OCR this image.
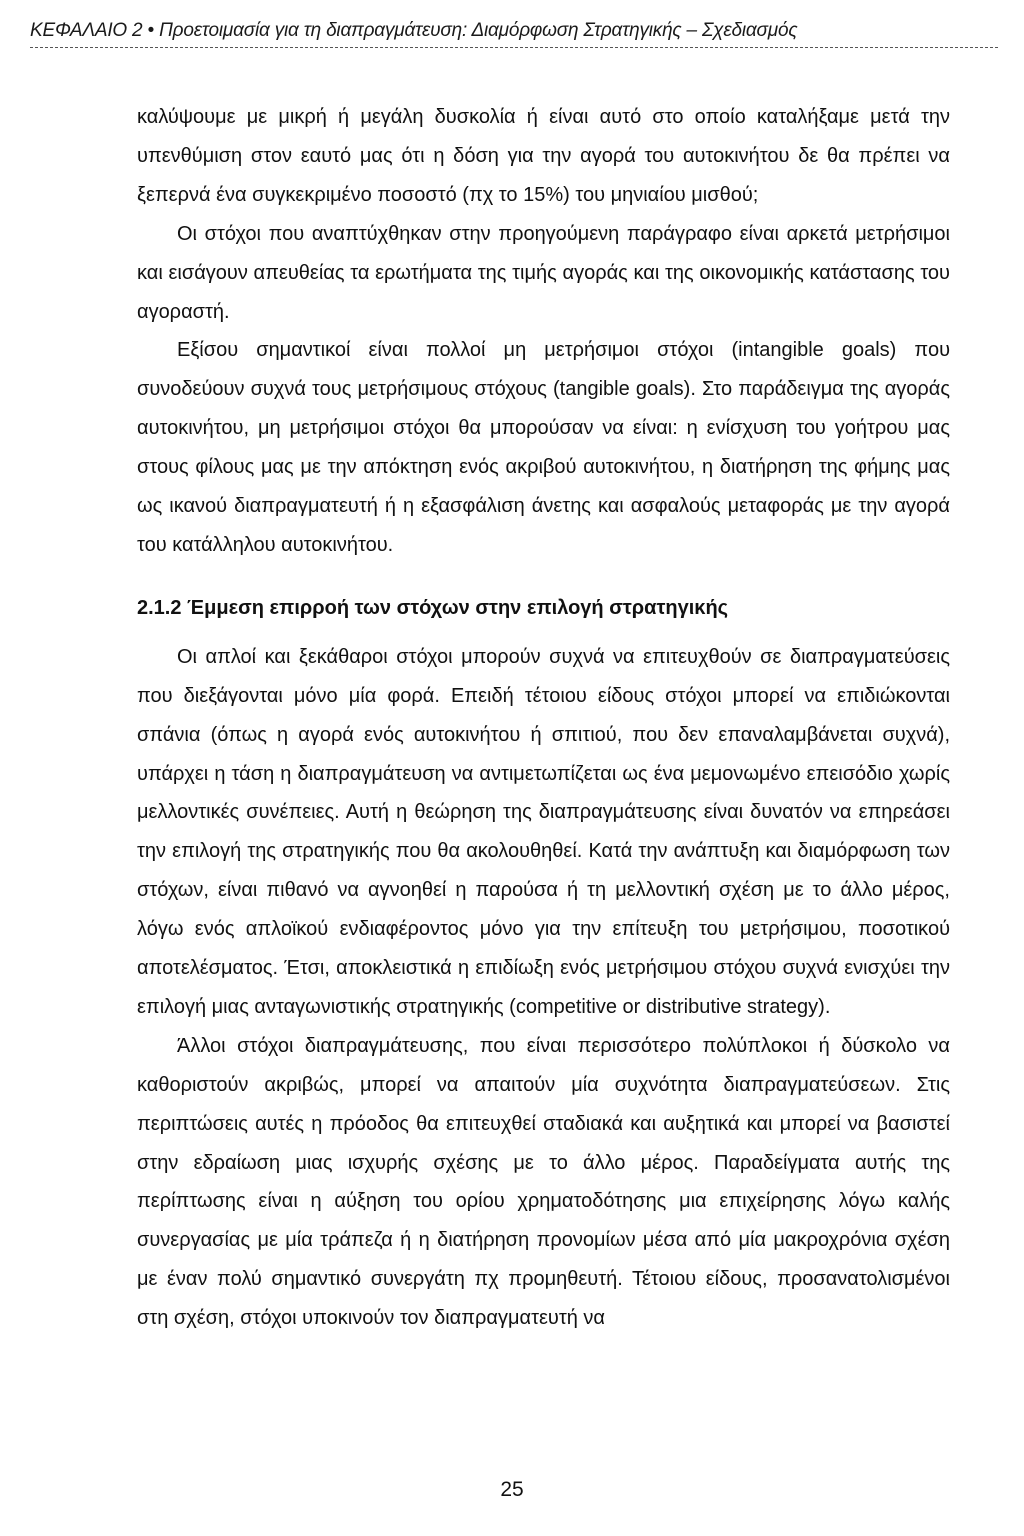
ΚΕΦΑΛΑΙΟ 2 • Προετοιμασία για τη διαπραγμάτευση: Διαμόρφωση Στρατηγικής – Σχεδιασμός

καλύψουμε με μικρή ή μεγάλη δυσκολία ή είναι αυτό στο οποίο καταλήξαμε μετά την υπενθύμιση στον εαυτό μας ότι η δόση για την αγορά του αυτοκινήτου δε θα πρέπει να ξεπερνά ένα συγκεκριμένο ποσοστό (πχ το 15%) του μηνιαίου μισθού;

Οι στόχοι που αναπτύχθηκαν στην προηγούμενη παράγραφο είναι αρκετά μετρήσιμοι και εισάγουν απευθείας τα ερωτήματα της τιμής αγοράς και της οικονομικής κατάστασης του αγοραστή.

Εξίσου σημαντικοί είναι πολλοί μη μετρήσιμοι στόχοι (intangible goals) που συνοδεύουν συχνά τους μετρήσιμους στόχους (tangible goals). Στο παράδειγμα της αγοράς αυτοκινήτου, μη μετρήσιμοι στόχοι θα μπορούσαν να είναι: η ενίσχυση του γοήτρου μας στους φίλους μας με την απόκτηση ενός ακριβού αυτοκινήτου, η διατήρηση της φήμης μας ως ικανού διαπραγματευτή ή η εξασφάλιση άνετης και ασφαλούς μεταφοράς με την αγορά του κατάλληλου αυτοκινήτου.

2.1.2 Έμμεση επιρροή των στόχων στην επιλογή στρατηγικής

Οι απλοί και ξεκάθαροι στόχοι μπορούν συχνά να επιτευχθούν σε διαπραγματεύσεις που διεξάγονται μόνο μία φορά. Επειδή τέτοιου είδους στόχοι μπορεί να επιδιώκονται σπάνια (όπως η αγορά ενός αυτοκινήτου ή σπιτιού, που δεν επαναλαμβάνεται συχνά), υπάρχει η τάση η διαπραγμάτευση να αντιμετωπίζεται ως ένα μεμονωμένο επεισόδιο χωρίς μελλοντικές συνέπειες. Αυτή η θεώρηση της διαπραγμάτευσης είναι δυνατόν να επηρεάσει την επιλογή της στρατηγικής που θα ακολουθηθεί. Κατά την ανάπτυξη και διαμόρφωση των στόχων, είναι πιθανό να αγνοηθεί η παρούσα ή τη μελλοντική σχέση με το άλλο μέρος, λόγω ενός απλοϊκού ενδιαφέροντος μόνο για την επίτευξη του μετρήσιμου, ποσοτικού αποτελέσματος. Έτσι, αποκλειστικά η επιδίωξη ενός μετρήσιμου στόχου συχνά ενισχύει την επιλογή μιας ανταγωνιστικής στρατηγικής (competitive or distributive strategy).

Άλλοι στόχοι διαπραγμάτευσης, που είναι περισσότερο πολύπλοκοι ή δύσκολο να καθοριστούν ακριβώς, μπορεί να απαιτούν μία συχνότητα διαπραγματεύσεων. Στις περιπτώσεις αυτές η πρόοδος θα επιτευχθεί σταδιακά και αυξητικά και μπορεί να βασιστεί στην εδραίωση μιας ισχυρής σχέσης με το άλλο μέρος. Παραδείγματα αυτής της περίπτωσης είναι η αύξηση του ορίου χρηματοδότησης μια επιχείρησης λόγω καλής συνεργασίας με μία τράπεζα ή η διατήρηση προνομίων μέσα από μία μακροχρόνια σχέση με έναν πολύ σημαντικό συνεργάτη πχ προμηθευτή. Τέτοιου είδους, προσανατολισμένοι στη σχέση, στόχοι υποκινούν τον διαπραγματευτή να

25
